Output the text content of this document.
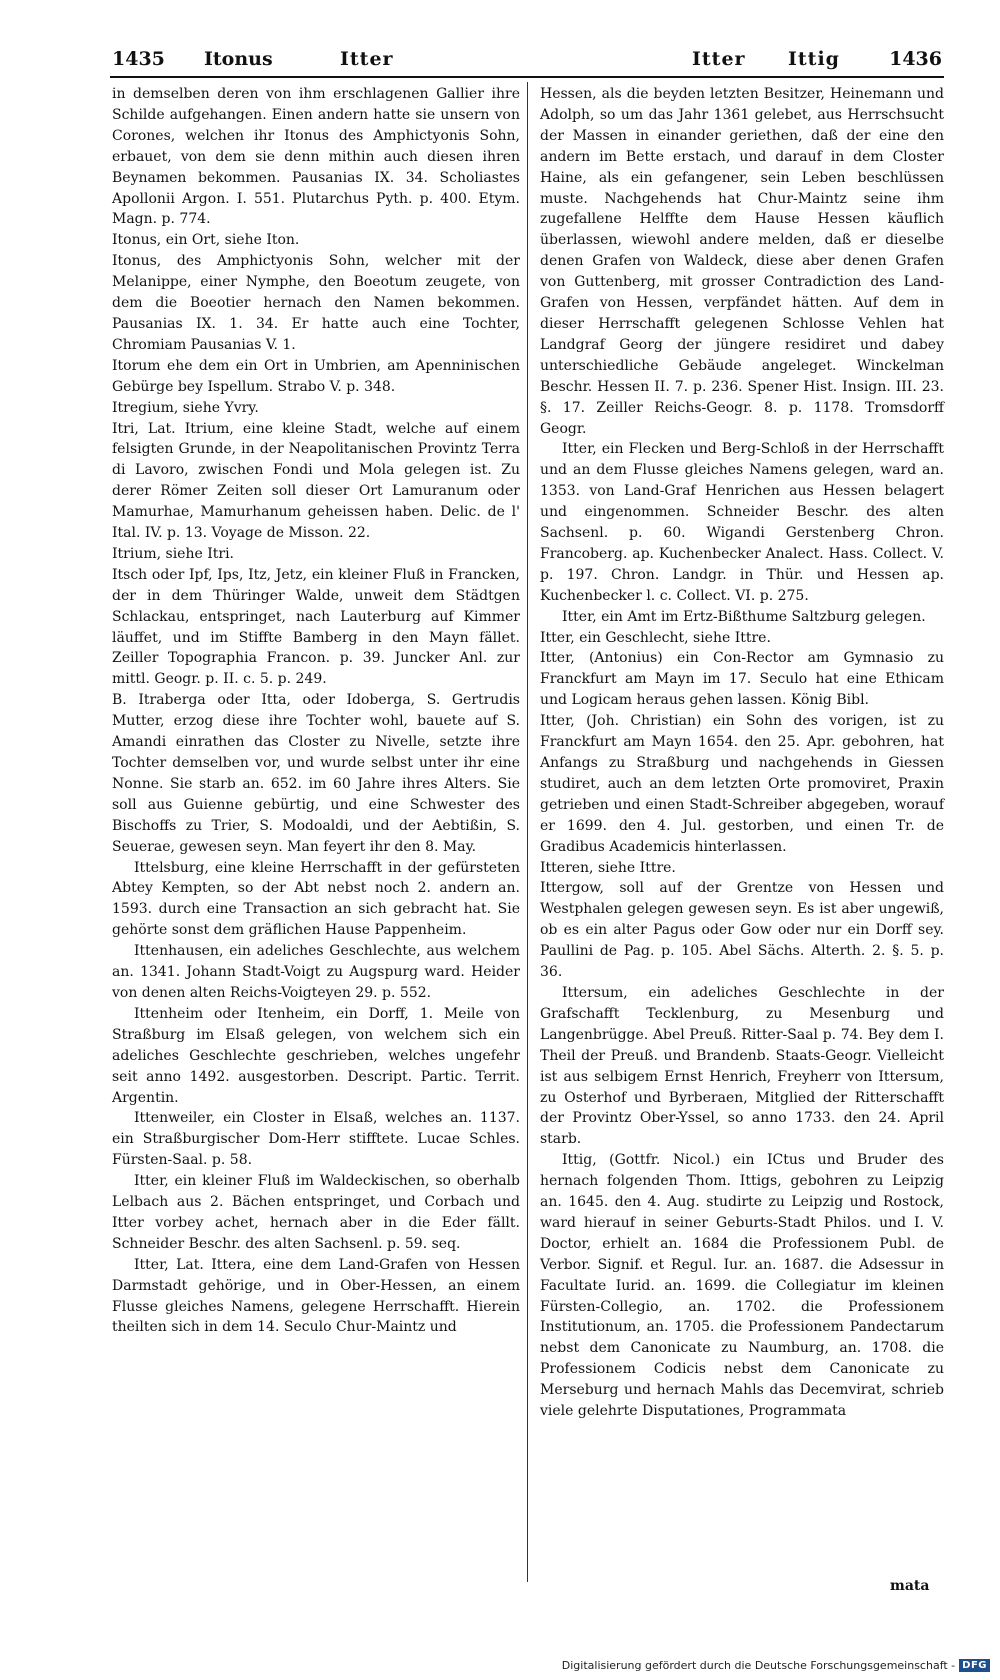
1435 Itonus	Itter	Itter Ittig	1436

in demselben deren von ihm erschlagenen Gallier ihre Schilde aufgehangen. Einen andern hatte sie unsern von Corones, welchen ihr Itonus des Amphictyonis Sohn, erbauet, von dem sie denn mithin auch diesen ihren Beynamen bekommen. Pausanias IX. 34. Scholiastes Apollonii Argon. I. 551. Plutarchus Pyth. p. 400. Etym. Magn. p. 774.

Itonus, ein Ort, siehe Iton.

Itonus, des Amphictyonis Sohn, welcher mit der Melanippe, einer Nymphe, den Boeotum zeugete, von dem die Boeotier hernach den Namen bekommen. Pausanias IX. 1. 34. Er hatte auch eine Tochter, Chromiam Pausanias V. 1.

Itorum ehe dem ein Ort in Umbrien, am Apenninischen Gebürge bey Ispellum. Strabo V. p. 348.

Itregium, siehe Yvry.

Itri, Lat. Itrium, eine kleine Stadt, welche auf einem felsigten Grunde, in der Neapolitanischen Provintz Terra di Lavoro, zwischen Fondi und Mola gelegen ist. Zu derer Römer Zeiten soll dieser Ort Lamuranum oder Mamurhae, Mamurhanum geheissen haben. Delic. de l' Ital. IV. p. 13. Voyage de Misson. 22.

Itrium, siehe Itri.

Itsch oder Ipf, Ips, Itz, Jetz, ein kleiner Fluß in Francken, der in dem Thüringer Walde, unweit dem Städtgen Schlackau, entspringet, nach Lauterburg auf Kimmer läuffet, und im Stiffte Bamberg in den Mayn fället. Zeiller Topographia Francon. p. 39. Juncker Anl. zur mittl. Geogr. p. II. c. 5. p. 249.

B. Itraberga oder Itta, oder Idoberga, S. Gertrudis Mutter, erzog diese ihre Tochter wohl, bauete auf S. Amandi einrathen das Closter zu Nivelle, setzte ihre Tochter demselben vor, und wurde selbst unter ihr eine Nonne. Sie starb an. 652. im 60 Jahre ihres Alters. Sie soll aus Guienne gebürtig, und eine Schwester des Bischoffs zu Trier, S. Modoaldi, und der Aebtißin, S. Seuerae, gewesen seyn. Man feyert ihr den 8. May.

Ittelsburg, eine kleine Herrschafft in der gefürsteten Abtey Kempten, so der Abt nebst noch 2. andern an. 1593. durch eine Transaction an sich gebracht hat. Sie gehörte sonst dem gräflichen Hause Pappenheim.

Ittenhausen, ein adeliches Geschlechte, aus welchem an. 1341. Johann Stadt-Voigt zu Augspurg ward. Heider von denen alten Reichs-Voigteyen 29. p. 552.

Ittenheim oder Itenheim, ein Dorff, 1. Meile von Straßburg im Elsaß gelegen, von welchem sich ein adeliches Geschlechte geschrieben, welches ungefehr seit anno 1492. ausgestorben. Descript. Partic. Territ. Argentin.

Ittenweiler, ein Closter in Elsaß, welches an. 1137. ein Straßburgischer Dom-Herr stifftete. Lucae Schles. Fürsten-Saal. p. 58.

Itter, ein kleiner Fluß im Waldeckischen, so oberhalb Lelbach aus 2. Bächen entspringet, und Corbach und Itter vorbey achet, hernach aber in die Eder fällt. Schneider Beschr. des alten Sachsenl. p. 59. seq.

Itter, Lat. Ittera, eine dem Land-Grafen von Hessen Darmstadt gehörige, und in Ober-Hessen, an einem Flusse gleiches Namens, gelegene Herrschafft. Hierein theilten sich in dem 14. Seculo Chur-Maintz und

Hessen, als die beyden letzten Besitzer, Heinemann und Adolph, so um das Jahr 1361 gelebet, aus Herrschsucht der Massen in einander geriethen, daß der eine den andern im Bette erstach, und darauf in dem Closter Haine, als ein gefangener, sein Leben beschlüssen muste. Nachgehends hat Chur-Maintz seine ihm zugefallene Helffte dem Hause Hessen käuflich überlassen, wiewohl andere melden, daß er dieselbe denen Grafen von Waldeck, diese aber denen Grafen von Guttenberg, mit grosser Contradiction des Land-Grafen von Hessen, verpfändet hätten. Auf dem in dieser Herrschafft gelegenen Schlosse Vehlen hat Landgraf Georg der jüngere residiret und dabey unterschiedliche Gebäude angeleget. Winckelman Beschr. Hessen II. 7. p. 236. Spener Hist. Insign. III. 23. §. 17. Zeiller Reichs-Geogr. 8. p. 1178. Tromsdorff Geogr.

Itter, ein Flecken und Berg-Schloß in der Herrschafft und an dem Flusse gleiches Namens gelegen, ward an. 1353. von Land-Graf Henrichen aus Hessen belagert und eingenommen. Schneider Beschr. des alten Sachsenl. p. 60. Wigandi Gerstenberg Chron. Francoberg. ap. Kuchenbecker Analect. Hass. Collect. V. p. 197. Chron. Landgr. in Thür. und Hessen ap. Kuchenbecker l. c. Collect. VI. p. 275.

Itter, ein Amt im Ertz-Bißthume Saltzburg gelegen.

Itter, ein Geschlecht, siehe Ittre.

Itter, (Antonius) ein Con-Rector am Gymnasio zu Franckfurt am Mayn im 17. Seculo hat eine Ethicam und Logicam heraus gehen lassen. König Bibl.

Itter, (Joh. Christian) ein Sohn des vorigen, ist zu Franckfurt am Mayn 1654. den 25. Apr. gebohren, hat Anfangs zu Straßburg und nachgehends in Giessen studiret, auch an dem letzten Orte promoviret, Praxin getrieben und einen Stadt-Schreiber abgegeben, worauf er 1699. den 4. Jul. gestorben, und einen Tr. de Gradibus Academicis hinterlassen.

Itteren, siehe Ittre.

Ittergow, soll auf der Grentze von Hessen und Westphalen gelegen gewesen seyn. Es ist aber ungewiß, ob es ein alter Pagus oder Gow oder nur ein Dorff sey. Paullini de Pag. p. 105. Abel Sächs. Alterth. 2. §. 5. p. 36.

Ittersum, ein adeliches Geschlechte in der Grafschafft Tecklenburg, zu Mesenburg und Langenbrügge. Abel Preuß. Ritter-Saal p. 74. Bey dem I. Theil der Preuß. und Brandenb. Staats-Geogr. Vielleicht ist aus selbigem Ernst Henrich, Freyherr von Ittersum, zu Osterhof und Byrberaen, Mitglied der Ritterschafft der Provintz Ober-Yssel, so anno 1733. den 24. April starb.

Ittig, (Gottfr. Nicol.) ein ICtus und Bruder des hernach folgenden Thom. Ittigs, gebohren zu Leipzig an. 1645. den 4. Aug. studirte zu Leipzig und Rostock, ward hierauf in seiner Geburts-Stadt Philos. und I. V. Doctor, erhielt an. 1684 die Professionem Publ. de Verbor. Signif. et Regul. Iur. an. 1687. die Adsessur in Facultate Iurid. an. 1699. die Collegiatur im kleinen Fürsten-Collegio, an. 1702. die Professionem Institutionum, an. 1705. die Professionem Pandectarum nebst dem Canonicate zu Naumburg, an. 1708. die Professionem Codicis nebst dem Canonicate zu Merseburg und hernach Mahls das Decemvirat, schrieb viele gelehrte Disputationes, Programmata

mata
Digitalisierung gefördert durch die Deutsche Forschungsgemeinschaft - DFG
